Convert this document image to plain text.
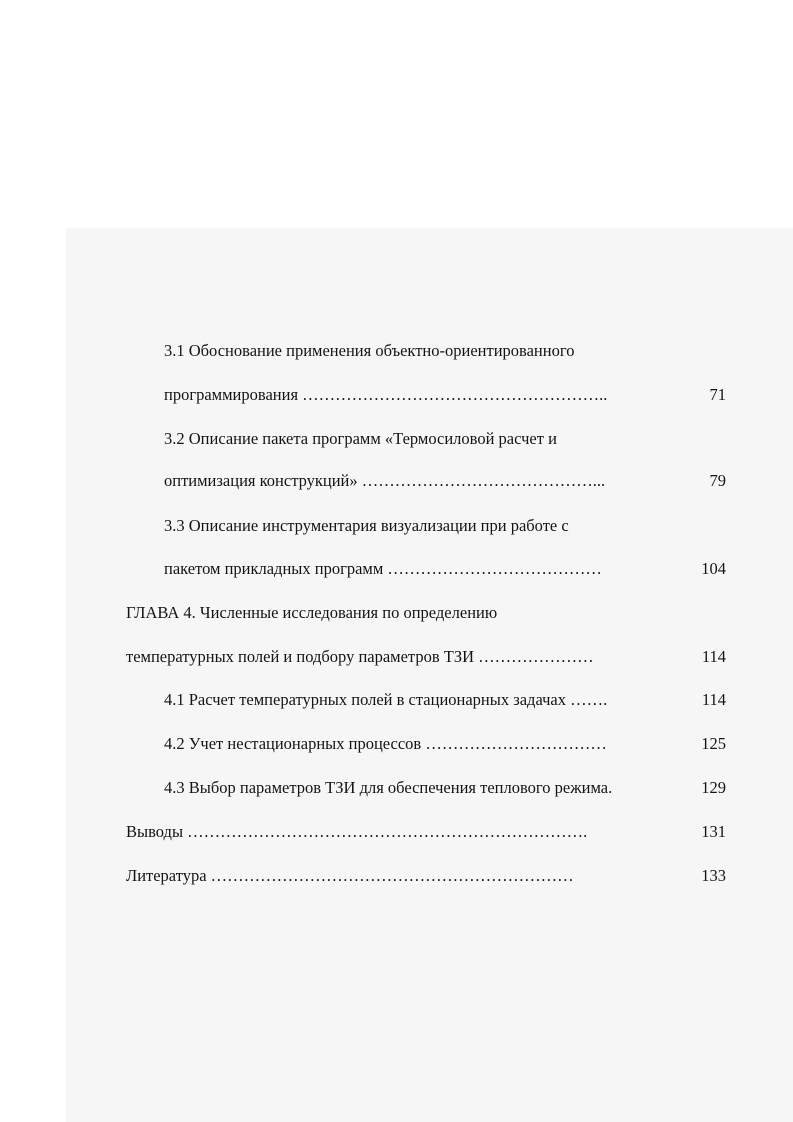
3.1 Обоснование применения объектно-ориентированного
программирования ………………………………………………..	71
3.2 Описание пакета программ «Термосиловой расчет и
оптимизация конструкций» ……………………………………...	79
3.3 Описание инструментария визуализации при работе с
пакетом прикладных программ …………………………………	104
ГЛАВА 4. Численные исследования по определению
температурных полей и подбору параметров ТЗИ …………………	114
4.1 Расчет температурных полей в стационарных задачах …….	114
4.2 Учет нестационарных процессов ……………………………	125
4.3 Выбор параметров ТЗИ для обеспечения теплового режима.	129
Выводы ……………………………………………………………….	131
Литература …………………………………………………………	133
